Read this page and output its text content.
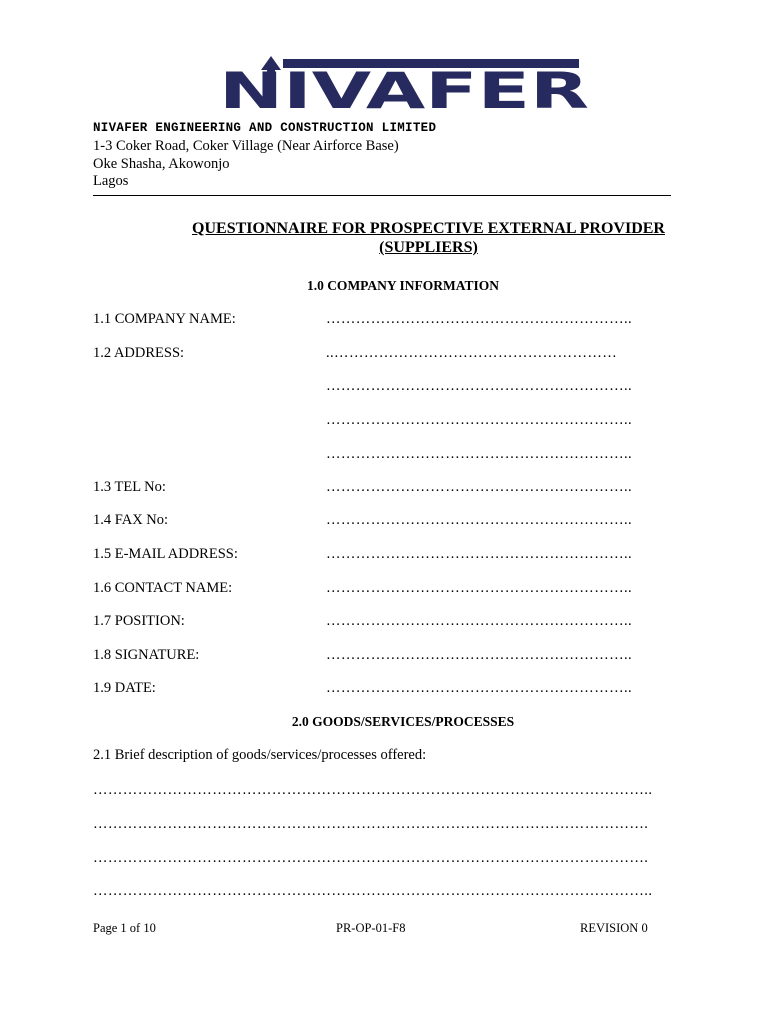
NIVAFER
NIVAFER ENGINEERING AND CONSTRUCTION LIMITED
1-3 Coker Road, Coker Village (Near Airforce Base)
Oke Shasha, Akowonjo
Lagos
QUESTIONNAIRE FOR PROSPECTIVE EXTERNAL PROVIDER
(SUPPLIERS)
1.0 COMPANY INFORMATION
1.1 COMPANY NAME:	……………………………………………………..
1.2 ADDRESS:	..…………………………………………………
……………………………………………………..
……………………………………………………..
……………………………………………………..
1.3 TEL No:	……………………………………………………..
1.4 FAX No:	……………………………………………………..
1.5 E-MAIL ADDRESS:	……………………………………………………..
1.6 CONTACT NAME:	……………………………………………………..
1.7 POSITION:	……………………………………………………..
1.8 SIGNATURE:	……………………………………………………..
1.9 DATE:	……………………………………………………..
2.0 GOODS/SERVICES/PROCESSES
2.1 Brief description of goods/services/processes offered:
…………………………………………………………………………………………………..
………………………………………………………………………………………………….
………………………………………………………………………………………………….
…………………………………………………………………………………………………..
Page 1 of 10	PR-OP-01-F8	REVISION 0
